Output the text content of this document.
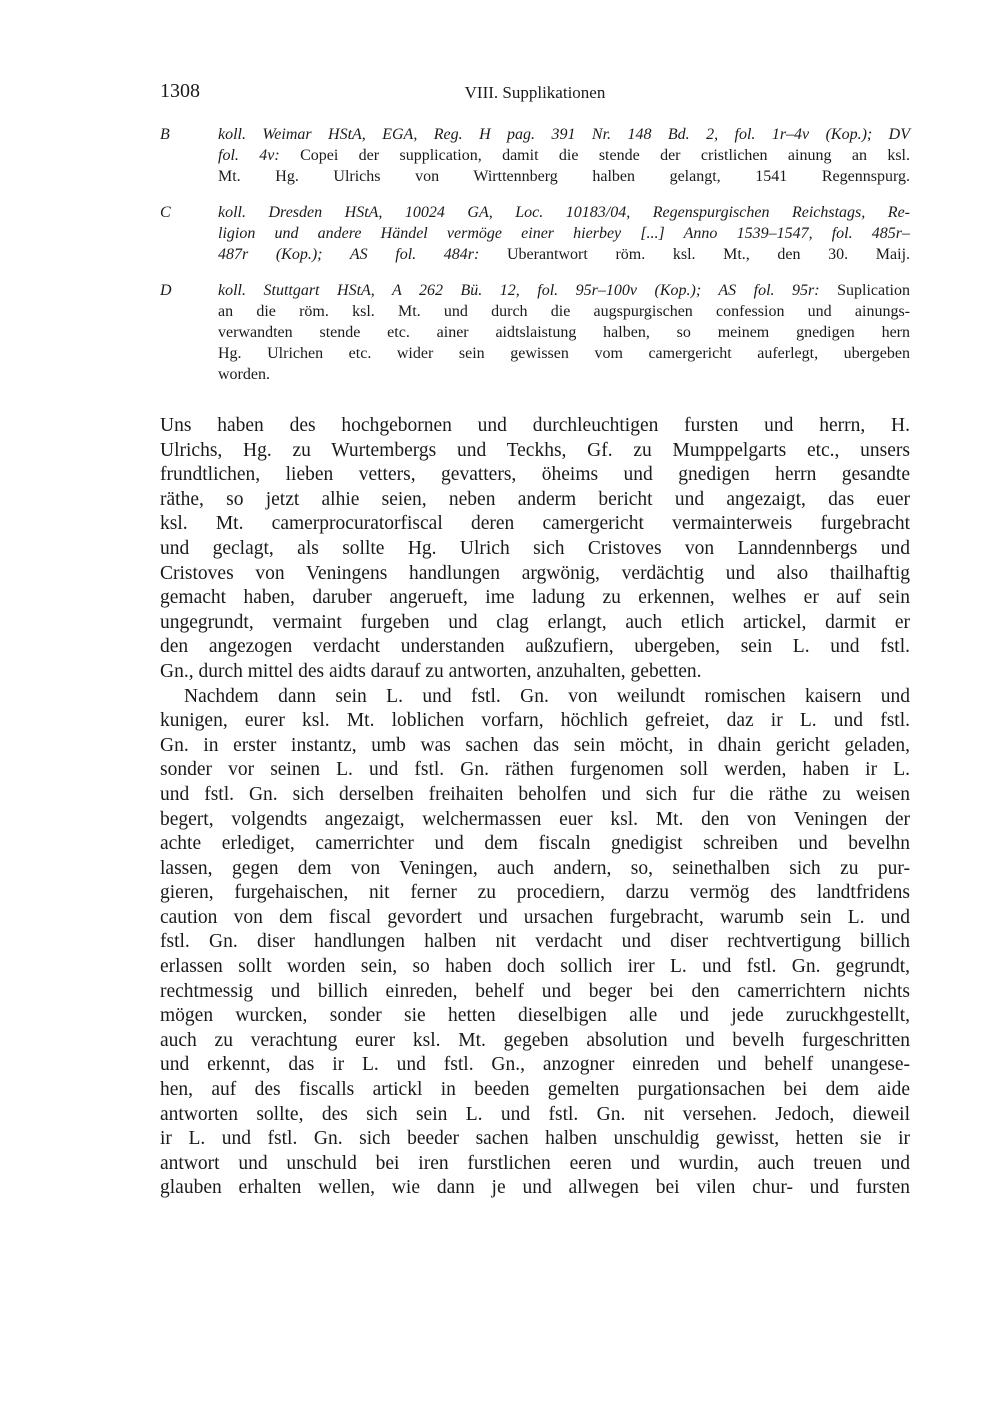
1308	VIII. Supplikationen
B	koll. Weimar HStA, EGA, Reg. H pag. 391 Nr. 148 Bd. 2, fol. 1r–4v (Kop.); DV
fol. 4v: Copei der supplication, damit die stende der cristlichen ainung an ksl.
Mt. Hg. Ulrichs von Wirttennberg halben gelangt, 1541 Regennspurg.
C	koll. Dresden HStA, 10024 GA, Loc. 10183/04, Regenspurgischen Reichstags, Re-
ligion und andere Händel vermöge einer hierbey [...] Anno 1539–1547, fol. 485r–
487r (Kop.); AS fol. 484r: Uberantwort röm. ksl. Mt., den 30. Maij.
D	koll. Stuttgart HStA, A 262 Bü. 12, fol. 95r–100v (Kop.); AS fol. 95r: Suplication
an die röm. ksl. Mt. und durch die augspurgischen confession und ainungs-
verwandten stende etc. ainer aidtslaistung halben, so meinem gnedigen hern
Hg. Ulrichen etc. wider sein gewissen vom camergericht auferlegt, ubergeben
worden.
Uns haben des hochgebornen und durchleuchtigen fursten und herrn, H.
Ulrichs, Hg. zu Wurtembergs und Teckhs, Gf. zu Mumppelgarts etc., unsers
frundtlichen, lieben vetters, gevatters, öheims und gnedigen herrn gesandte
räthe, so jetzt alhie seien, neben anderm bericht und angezaigt, das euer
ksl. Mt. camerprocuratorfiscal deren camergericht vermainterweis furgebracht
und geclagt, als sollte Hg. Ulrich sich Cristoves von Lanndennbergs und
Cristoves von Veningens handlungen argwönig, verdächtig und also thailhaftig
gemacht haben, daruber angerueft, ime ladung zu erkennen, welhes er auf sein
ungegrundt, vermaint furgeben und clag erlangt, auch etlich artickel, darmit er
den angezogen verdacht understanden außzufiern, ubergeben, sein L. und fstl.
Gn., durch mittel des aidts darauf zu antworten, anzuhalten, gebetten.
Nachdem dann sein L. und fstl. Gn. von weilundt romischen kaisern und
kunigen, eurer ksl. Mt. loblichen vorfarn, höchlich gefreiet, daz ir L. und fstl.
Gn. in erster instantz, umb was sachen das sein möcht, in dhain gericht geladen,
sonder vor seinen L. und fstl. Gn. räthen furgenomen soll werden, haben ir L.
und fstl. Gn. sich derselben freihaiten beholfen und sich fur die räthe zu weisen
begert, volgendts angezaigt, welchermassen euer ksl. Mt. den von Veningen der
achte erlediget, camerrichter und dem fiscaln gnedigist schreiben und bevelhn
lassen, gegen dem von Veningen, auch andern, so, seinethalben sich zu pur-
gieren, furgehaischen, nit ferner zu procediern, darzu vermög des landtfridens
caution von dem fiscal gevordert und ursachen furgebracht, warumb sein L. und
fstl. Gn. diser handlungen halben nit verdacht und diser rechtvertigung billich
erlassen sollt worden sein, so haben doch sollich irer L. und fstl. Gn. gegrundt,
rechtmessig und billich einreden, behelf und beger bei den camerrichtern nichts
mögen wurcken, sonder sie hetten dieselbigen alle und jede zuruckhgestellt,
auch zu verachtung eurer ksl. Mt. gegeben absolution und bevelh furgeschritten
und erkennt, das ir L. und fstl. Gn., anzogner einreden und behelf unangese-
hen, auf des fiscalls artickl in beeden gemelten purgationsachen bei dem aide
antworten sollte, des sich sein L. und fstl. Gn. nit versehen. Jedoch, dieweil
ir L. und fstl. Gn. sich beeder sachen halben unschuldig gewisst, hetten sie ir
antwort und unschuld bei iren furstlichen eeren und wurdin, auch treuen und
glauben erhalten wellen, wie dann je und allwegen bei vilen chur- und fursten
